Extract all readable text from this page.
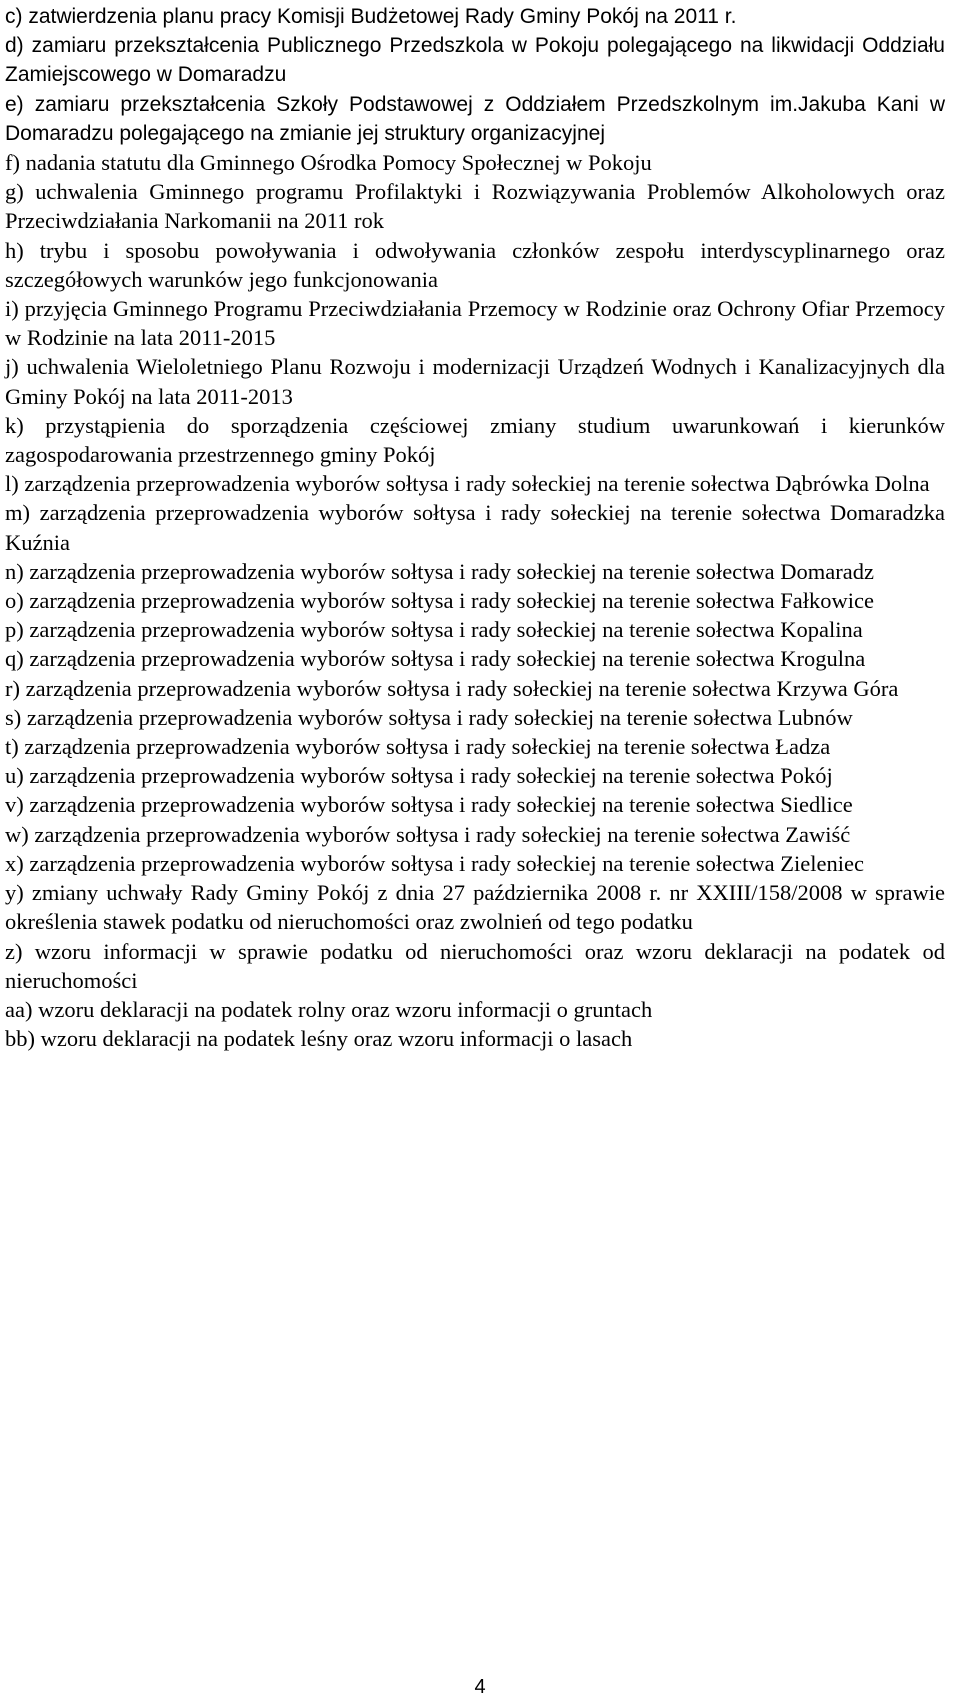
c) zatwierdzenia planu pracy Komisji Budżetowej Rady Gminy Pokój na 2011 r.

d) zamiaru przekształcenia Publicznego Przedszkola w Pokoju polegającego na likwidacji Oddziału Zamiejscowego w Domaradzu

e) zamiaru przekształcenia Szkoły Podstawowej z Oddziałem Przedszkolnym im.Jakuba Kani w Domaradzu polegającego na zmianie jej struktury organizacyjnej

f) nadania statutu dla Gminnego Ośrodka Pomocy Społecznej w Pokoju

g) uchwalenia Gminnego programu Profilaktyki i Rozwiązywania Problemów Alkoholowych oraz Przeciwdziałania Narkomanii na 2011 rok

h) trybu i sposobu powoływania i odwoływania członków zespołu interdyscyplinarnego oraz szczegółowych warunków jego funkcjonowania

i) przyjęcia Gminnego Programu Przeciwdziałania Przemocy w Rodzinie oraz Ochrony Ofiar Przemocy w Rodzinie na lata 2011-2015

j) uchwalenia Wieloletniego Planu Rozwoju i modernizacji Urządzeń Wodnych i Kanalizacyjnych dla Gminy Pokój na lata 2011-2013

k) przystąpienia do sporządzenia częściowej zmiany studium uwarunkowań i kierunków zagospodarowania przestrzennego gminy Pokój

l) zarządzenia przeprowadzenia wyborów sołtysa i rady sołeckiej na terenie sołectwa Dąbrówka Dolna

m) zarządzenia przeprowadzenia wyborów sołtysa i rady sołeckiej na terenie sołectwa Domaradzka Kuźnia

n) zarządzenia przeprowadzenia wyborów sołtysa i rady sołeckiej na terenie sołectwa Domaradz

o) zarządzenia przeprowadzenia wyborów sołtysa i rady sołeckiej na terenie sołectwa Fałkowice

p) zarządzenia przeprowadzenia wyborów sołtysa i rady sołeckiej na terenie sołectwa Kopalina

q) zarządzenia przeprowadzenia wyborów sołtysa i rady sołeckiej na terenie sołectwa Krogulna

r) zarządzenia przeprowadzenia wyborów sołtysa i rady sołeckiej na terenie sołectwa Krzywa Góra

s) zarządzenia przeprowadzenia wyborów sołtysa i rady sołeckiej na terenie sołectwa Lubnów

t) zarządzenia przeprowadzenia wyborów sołtysa i rady sołeckiej na terenie sołectwa Ładza

u) zarządzenia przeprowadzenia wyborów sołtysa i rady sołeckiej na terenie sołectwa Pokój

v) zarządzenia przeprowadzenia wyborów sołtysa i rady sołeckiej na terenie sołectwa Siedlice

w) zarządzenia przeprowadzenia wyborów sołtysa i rady sołeckiej na terenie sołectwa Zawiść

x) zarządzenia przeprowadzenia wyborów sołtysa i rady sołeckiej na terenie sołectwa Zieleniec

y) zmiany uchwały Rady Gminy Pokój z dnia 27 października 2008 r. nr XXIII/158/2008 w sprawie określenia stawek podatku od nieruchomości oraz zwolnień od tego podatku

z) wzoru informacji w sprawie podatku od nieruchomości oraz wzoru deklaracji na podatek od nieruchomości

aa) wzoru deklaracji na podatek rolny oraz wzoru informacji o gruntach

bb) wzoru deklaracji na podatek leśny oraz wzoru informacji o lasach

4
